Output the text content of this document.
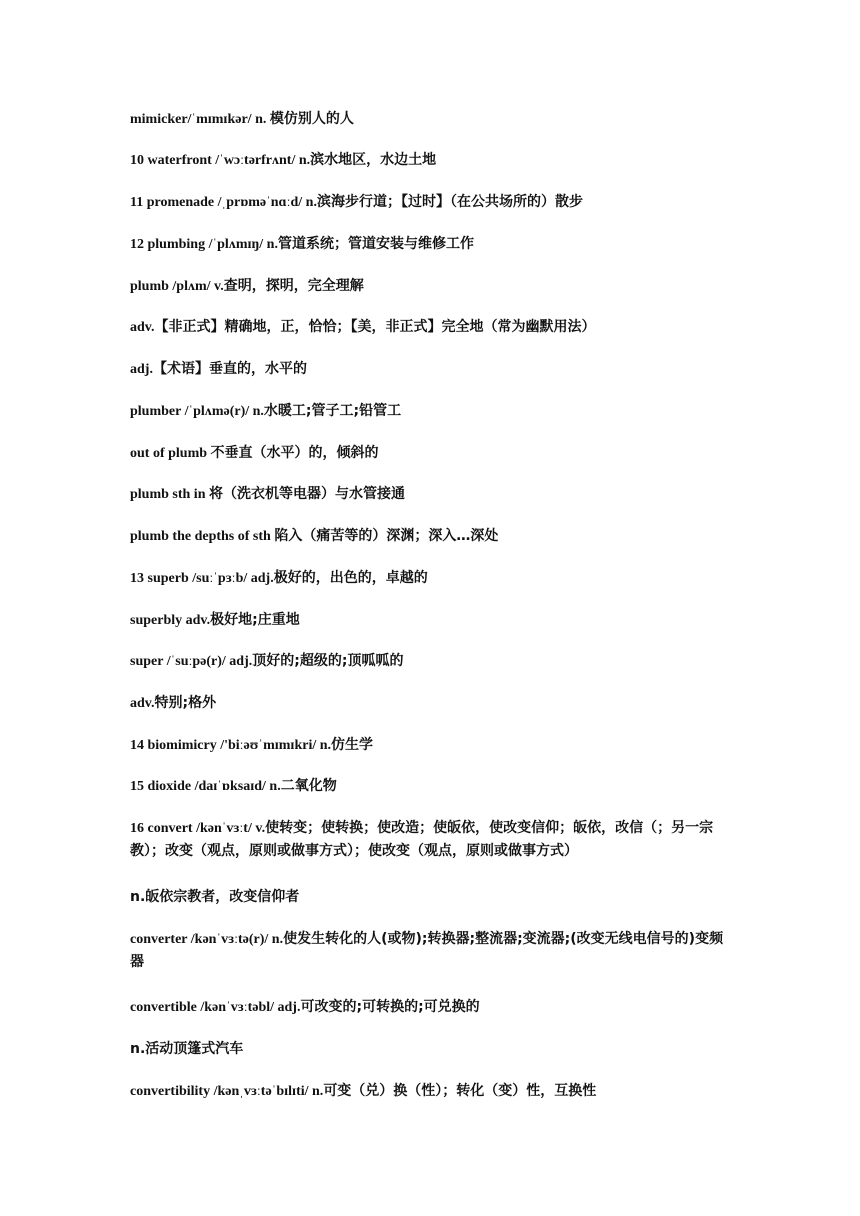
mimicker/ˈmɪmɪkər/ n. 模仿别人的人
10 waterfront /ˈwɔːtərfrʌnt/ n.滨水地区，水边土地
11 promenade /ˌprɒməˈnɑːd/ n.滨海步行道；【过时】（在公共场所的）散步
12 plumbing /ˈplʌmɪŋ/ n.管道系统；管道安装与维修工作
plumb /plʌm/ v.查明，探明，完全理解
adv.【非正式】精确地，正，恰恰；【美，非正式】完全地（常为幽默用法）
adj.【术语】垂直的，水平的
plumber /ˈplʌmə(r)/ n.水暖工;管子工;铅管工
out of plumb 不垂直（水平）的，倾斜的
plumb sth in 将（洗衣机等电器）与水管接通
plumb the depths of sth 陷入（痛苦等的）深渊；深入…深处
13 superb /suːˈpɜːb/ adj.极好的，出色的，卓越的
superbly adv.极好地;庄重地
super /ˈsuːpə(r)/ adj.顶好的;超级的;顶呱呱的
adv.特别;格外
14 biomimicry /'biːəʊˈmɪmɪkri/ n.仿生学
15 dioxide /daɪˈɒksaɪd/ n.二氧化物
16 convert /kənˈvɜːt/ v.使转变；使转换；使改造；使皈依，使改变信仰；皈依，改信（；另一宗教）；改变（观点，原则或做事方式）；使改变（观点，原则或做事方式）
n.皈依宗教者，改变信仰者
converter /kənˈvɜːtə(r)/ n.使发生转化的人(或物);转换器;整流器;变流器;(改变无线电信号的)变频器
convertible /kənˈvɜːtəbl/ adj.可改变的;可转换的;可兑换的
n.活动顶篷式汽车
convertibility /kənˌvɜːtəˈbɪlɪti/ n.可变（兑）换（性）；转化（变）性，互换性
